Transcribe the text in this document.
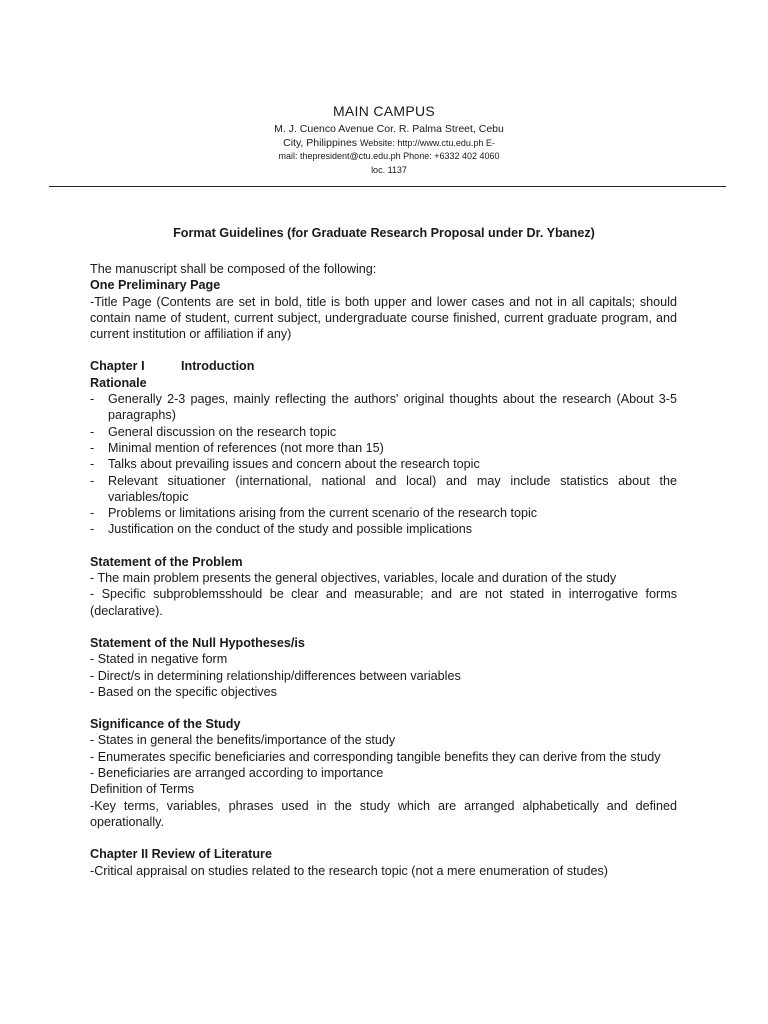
MAIN CAMPUS
M. J. Cuenco Avenue Cor. R. Palma Street, Cebu City, Philippines Website: http://www.ctu.edu.ph E-mail: thepresident@ctu.edu.ph Phone: +6332 402 4060 loc. 1137
Format Guidelines (for Graduate Research Proposal under Dr. Ybanez)

The manuscript shall be composed of the following:

One Preliminary Page

-Title Page (Contents are set in bold, title is both upper and lower cases and not in all capitals; should contain name of student, current subject, undergraduate course finished, current graduate program, and current institution or affiliation if any)

Chapter I	Introduction

Rationale

- Generally 2-3 pages, mainly reflecting the authors' original thoughts about the research (About 3-5 paragraphs)
- General discussion on the research topic
- Minimal mention of references (not more than 15)
- Talks about prevailing issues and concern about the research topic
- Relevant situationer (international, national and local) and may include statistics about the variables/topic
- Problems or limitations arising from the current scenario of the research topic
- Justification on the conduct of the study and possible implications

Statement of the Problem

- The main problem presents the general objectives, variables, locale and duration of the study

- Specific subproblemsshould be clear and measurable; and are not stated in interrogative forms (declarative).

Statement of the Null Hypotheses/is

- Stated in negative form

- Direct/s in determining relationship/differences between variables

- Based on the specific objectives

Significance of the Study

- States in general the benefits/importance of the study

- Enumerates specific beneficiaries and corresponding tangible benefits they can derive from the study

- Beneficiaries are arranged according to importance

Definition of Terms

-Key terms, variables, phrases used in the study which are arranged alphabetically and defined operationally.

Chapter II Review of Literature

-Critical appraisal on studies related to the research topic (not a mere enumeration of studes)
